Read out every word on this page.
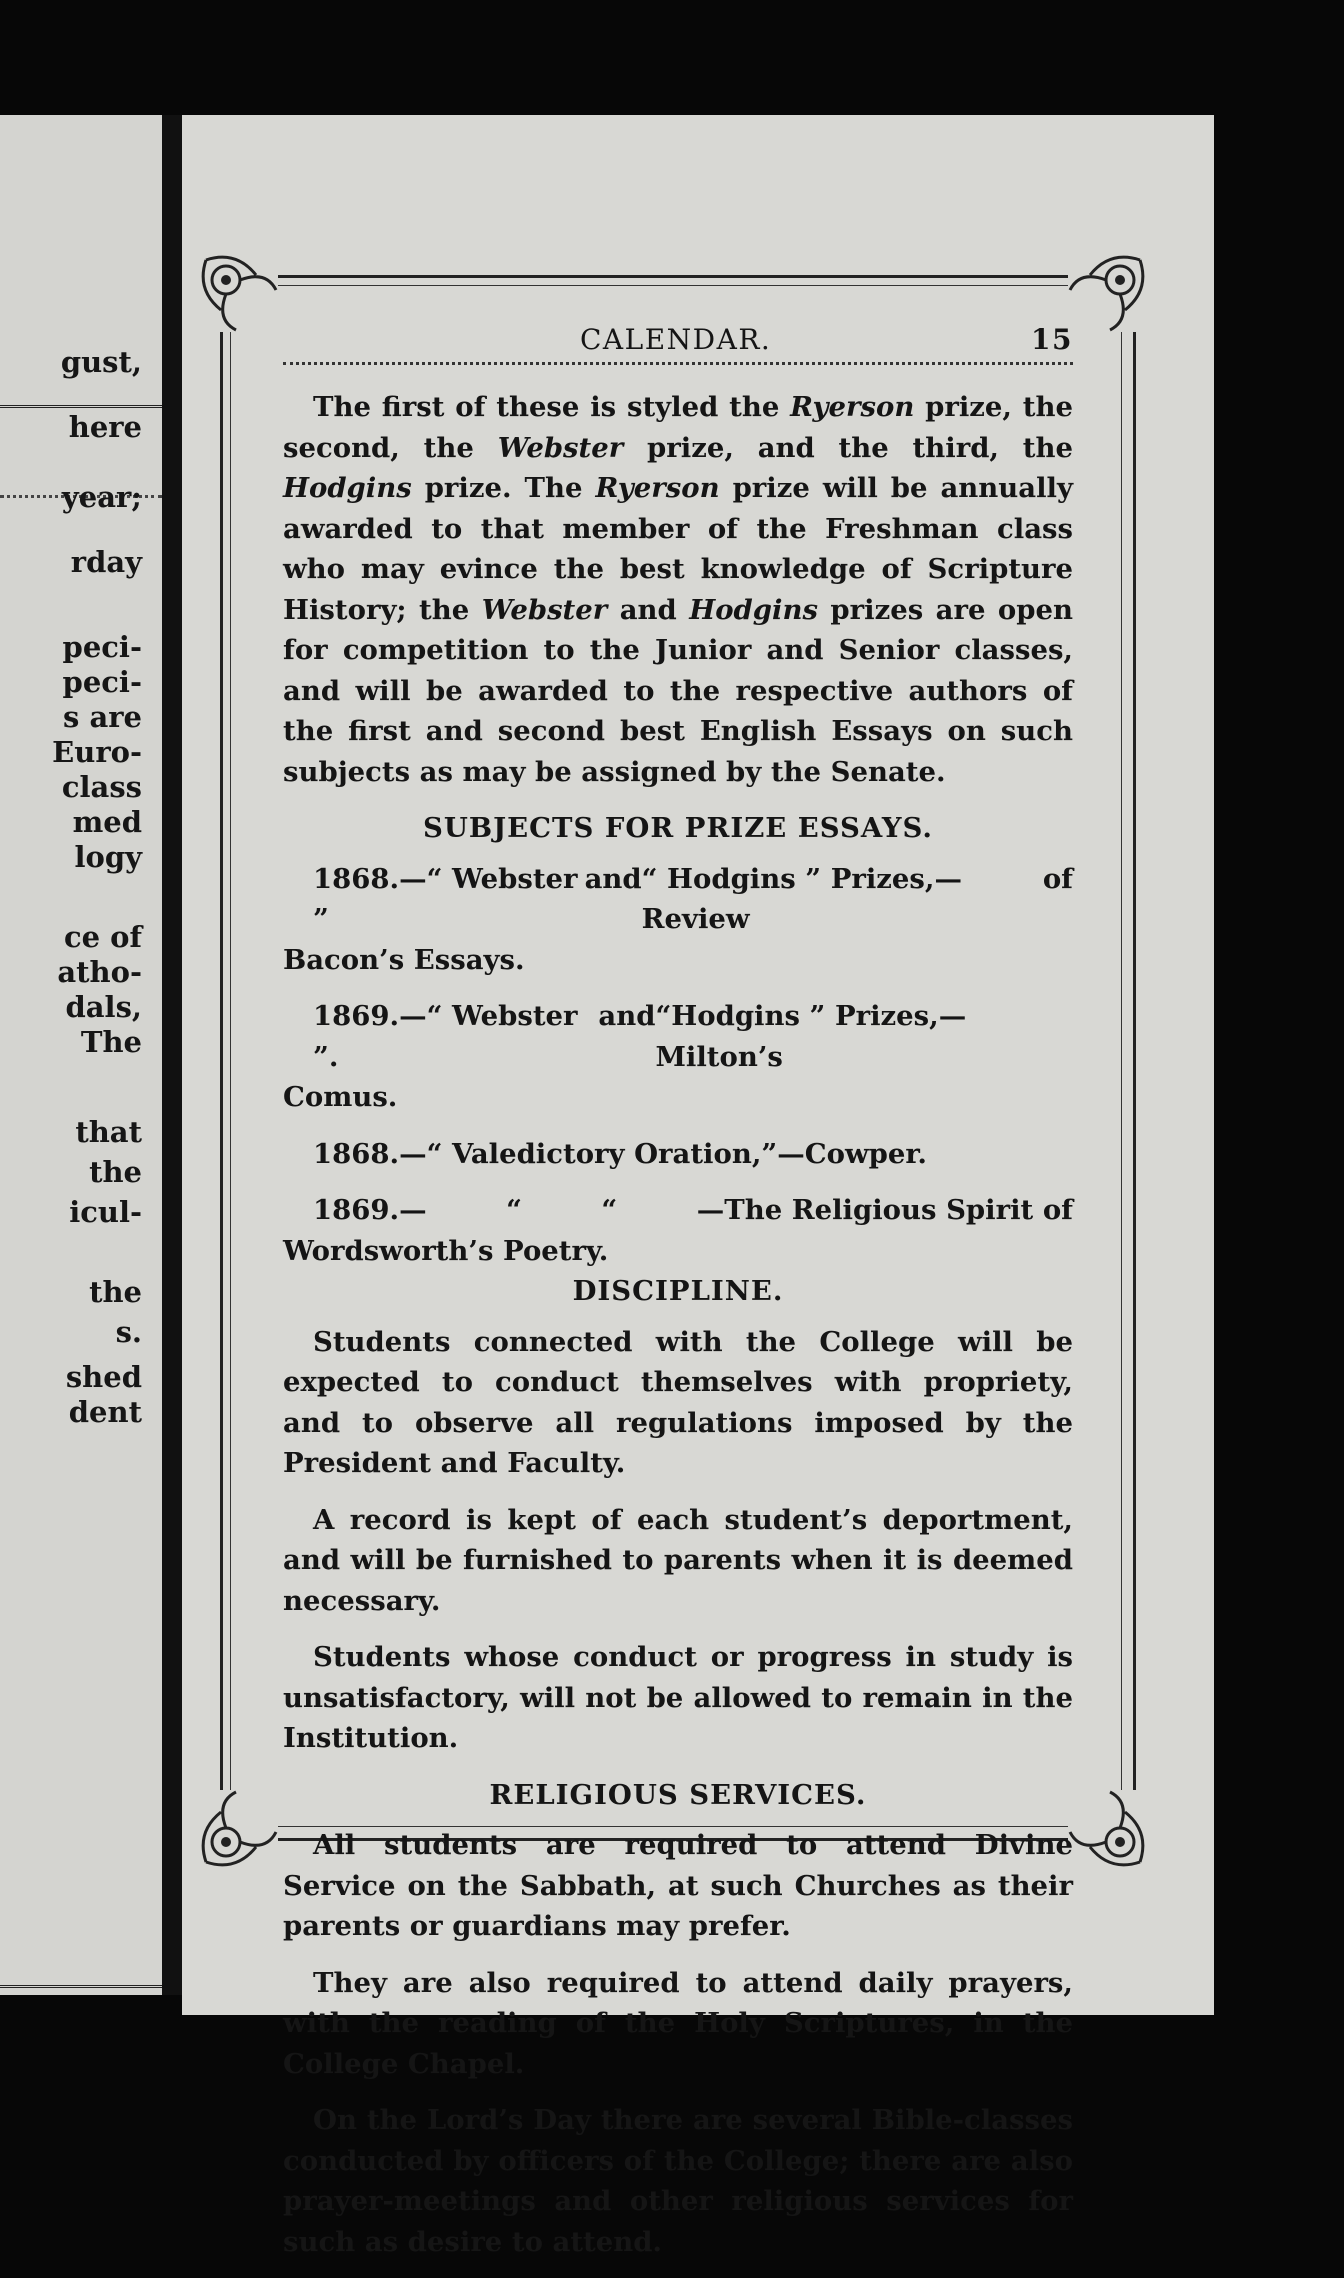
gust,
here
year;
rday
peci-
peci-
s are
Euro-
class
med
logy
ce of
atho-
dals,
The
that
the
icul-
the
s.
shed
dent
CALENDAR.	15

The first of these is styled the Ryerson prize, the second, the Webster prize, and the third, the Hodgins prize. The Ryerson prize will be annually awarded to that member of the Freshman class who may evince the best knowledge of Scripture History; the Webster and Hodgins prizes are open for competition to the Junior and Senior classes, and will be awarded to the respective authors of the first and second best English Essays on such subjects as may be assigned by the Senate.

SUBJECTS FOR PRIZE ESSAYS.
1868.—“ Webster ”
and “ Hodgins ” Prizes,—Review
of
Bacon’s Essays.
1869.—“ Webster ”.
and “Hodgins ” Prizes,—Milton’s
Comus.

1868.—“ Valedictory Oration,”—Cowper.

1869.—	“	“	—The Religious Spirit of
Wordsworth’s Poetry.
DISCIPLINE.

Students connected with the College will be expected to conduct themselves with propriety, and to observe all regulations imposed by the President and Faculty.

A record is kept of each student’s deportment, and will be furnished to parents when it is deemed necessary.

Students whose conduct or progress in study is unsatisfactory, will not be allowed to remain in the Institution.

RELIGIOUS SERVICES.

All students are required to attend Divine Service on the Sabbath, at such Churches as their parents or guardians may prefer.

They are also required to attend daily prayers, with the reading of the Holy Scriptures, in the College Chapel.

On the Lord’s Day there are several Bible-classes conducted by officers of the College; there are also prayer-meetings and other religious services for such as desire to attend.
